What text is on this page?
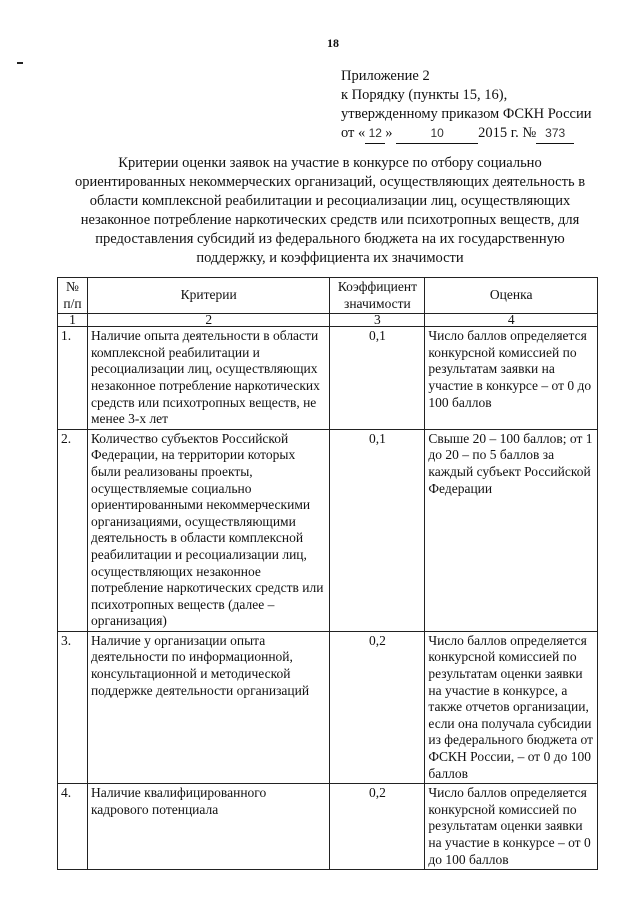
18
Приложение 2
к Порядку (пункты 15, 16),
утвержденному приказом ФСКН России
от « 12 »	10 2015 г. № 373
Критерии оценки заявок на участие в конкурсе по отбору социально ориентированных некоммерческих организаций, осуществляющих деятельность в области комплексной реабилитации и ресоциализации лиц, осуществляющих незаконное потребление наркотических средств или психотропных веществ, для предоставления субсидий из федерального бюджета на их государственную поддержку, и коэффициента их значимости
№ п/п	Критерии	Коэффициент значимости	Оценка
1	2	3	4
1.	Наличие опыта деятельности в области комплексной реабилитации и ресоциализации лиц, осуществляющих незаконное потребление наркотических средств или психотропных веществ, не менее 3-х лет	0,1	Число баллов определяется конкурсной комиссией по результатам заявки на участие в конкурсе – от 0 до 100 баллов
2.	Количество субъектов Российской Федерации, на территории которых были реализованы проекты, осуществляемые социально ориентированными некоммерческими организациями, осуществляющими деятельность в области комплексной реабилитации и ресоциализации лиц, осуществляющих незаконное потребление наркотических средств или психотропных веществ (далее – организация)	0,1	Свыше 20 – 100 баллов; от 1 до 20 – по 5 баллов за каждый субъект Российской Федерации
3.	Наличие у организации опыта деятельности по информационной, консультационной и методической поддержке деятельности организаций	0,2	Число баллов определяется конкурсной комиссией по результатам оценки заявки на участие в конкурсе, а также отчетов организации, если она получала субсидии из федерального бюджета от ФСКН России, – от 0 до 100 баллов
4.	Наличие квалифицированного кадрового потенциала	0,2	Число баллов определяется конкурсной комиссией по результатам оценки заявки на участие в конкурсе – от 0 до 100 баллов
